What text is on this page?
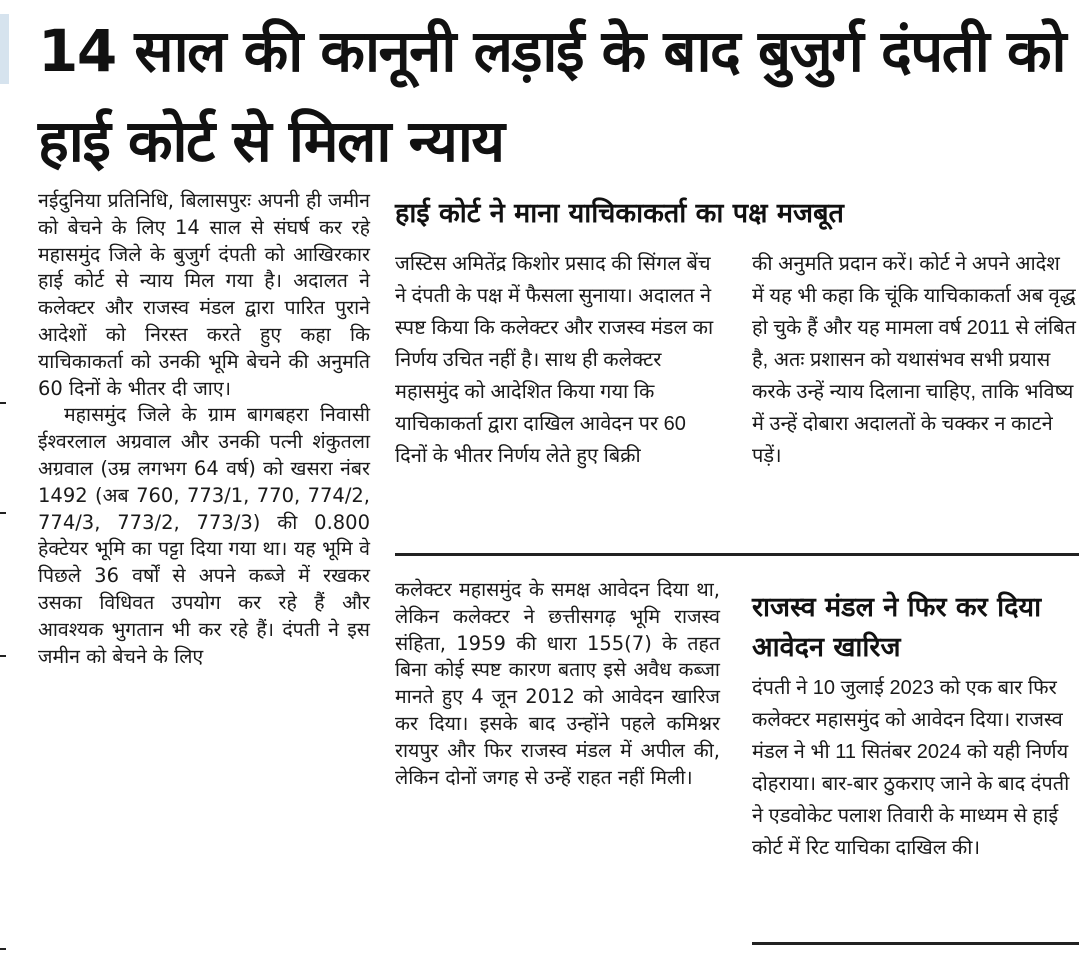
14 साल की कानूनी लड़ाई के बाद बुजुर्ग दंपती को हाई कोर्ट से मिला न्याय

नईदुनिया प्रतिनिधि, बिलासपुरः अपनी ही जमीन को बेचने के लिए 14 साल से संघर्ष कर रहे महासमुंद जिले के बुजुर्ग दंपती को आखिरकार हाई कोर्ट से न्याय मिल गया है। अदालत ने कलेक्टर और राजस्व मंडल द्वारा पारित पुराने आदेशों को निरस्त करते हुए कहा कि याचिकाकर्ता को उनकी भूमि बेचने की अनुमति 60 दिनों के भीतर दी जाए।

महासमुंद जिले के ग्राम बागबहरा निवासी ईश्वरलाल अग्रवाल और उनकी पत्नी शंकुतला अग्रवाल (उम्र लगभग 64 वर्ष) को खसरा नंबर 1492 (अब 760, 773/1, 770, 774/2, 774/3, 773/2, 773/3) की 0.800 हेक्टेयर भूमि का पट्टा दिया गया था। यह भूमि वे पिछले 36 वर्षों से अपने कब्जे में रखकर उसका विधिवत उपयोग कर रहे हैं और आवश्यक भुगतान भी कर रहे हैं। दंपती ने इस जमीन को बेचने के लिए

हाई कोर्ट ने माना याचिकाकर्ता का पक्ष मजबूत

जस्टिस अमितेंद्र किशोर प्रसाद की सिंगल बेंच ने दंपती के पक्ष में फैसला सुनाया। अदालत ने स्पष्ट किया कि कलेक्टर और राजस्व मंडल का निर्णय उचित नहीं है। साथ ही कलेक्टर महासमुंद को आदेशित किया गया कि याचिकाकर्ता द्वारा दाखिल आवेदन पर 60 दिनों के भीतर निर्णय लेते हुए बिक्री

की अनुमति प्रदान करें। कोर्ट ने अपने आदेश में यह भी कहा कि चूंकि याचिकाकर्ता अब वृद्ध हो चुके हैं और यह मामला वर्ष 2011 से लंबित है, अतः प्रशासन को यथासंभव सभी प्रयास करके उन्हें न्याय दिलाना चाहिए, ताकि भविष्य में उन्हें दोबारा अदालतों के चक्कर न काटने पड़ें।

कलेक्टर महासमुंद के समक्ष आवेदन दिया था, लेकिन कलेक्टर ने छत्तीसगढ़ भूमि राजस्व संहिता, 1959 की धारा 155(7) के तहत बिना कोई स्पष्ट कारण बताए इसे अवैध कब्जा मानते हुए 4 जून 2012 को आवेदन खारिज कर दिया। इसके बाद उन्होंने पहले कमिश्नर रायपुर और फिर राजस्व मंडल में अपील की, लेकिन दोनों जगह से उन्हें राहत नहीं मिली।

राजस्व मंडल ने फिर कर दिया आवेदन खारिज

दंपती ने 10 जुलाई 2023 को एक बार फिर कलेक्टर महासमुंद को आवेदन दिया। राजस्व मंडल ने भी 11 सितंबर 2024 को यही निर्णय दोहराया। बार-बार ठुकराए जाने के बाद दंपती ने एडवोकेट पलाश तिवारी के माध्यम से हाई कोर्ट में रिट याचिका दाखिल की।
